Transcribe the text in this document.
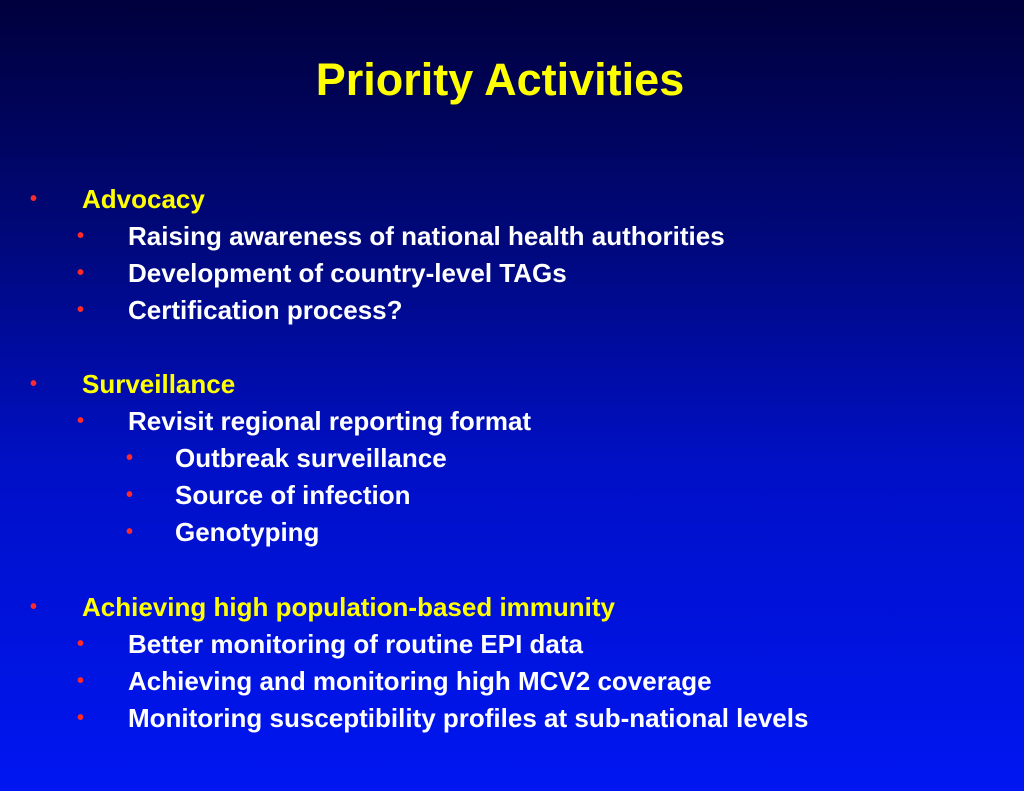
Priority Activities
• Advocacy
• Raising awareness of national health authorities
• Development of country-level TAGs
• Certification process?
• Surveillance
• Revisit regional reporting format
• Outbreak surveillance
• Source of infection
• Genotyping
• Achieving high population-based immunity
• Better monitoring of routine EPI data
• Achieving and monitoring high MCV2 coverage
• Monitoring susceptibility profiles at sub-national levels
